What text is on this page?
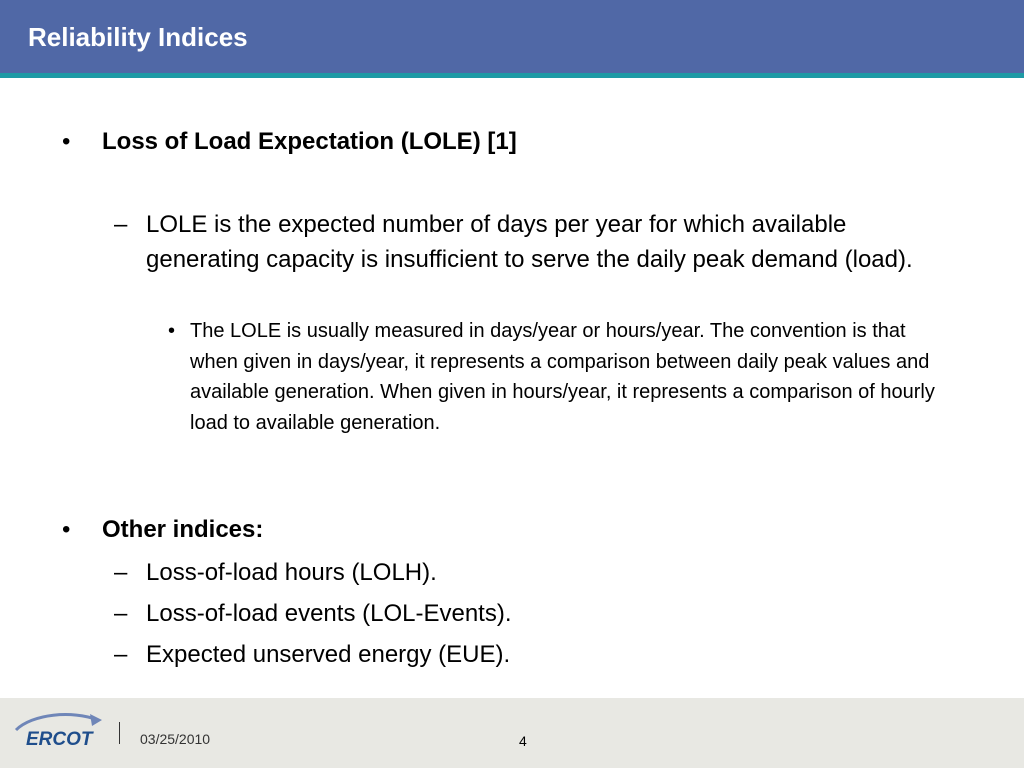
Reliability Indices
•	Loss of Load Expectation (LOLE) [1]
– LOLE is the expected number of days per year for which available generating capacity is insufficient to serve the daily peak demand (load).
• The LOLE is usually measured in days/year or hours/year. The convention is that when given in days/year, it represents a comparison between daily peak values and available generation. When given in hours/year, it represents a comparison of hourly load to available generation.
•	Other indices:
– Loss-of-load hours (LOLH).
– Loss-of-load events (LOL-Events).
– Expected unserved energy (EUE).
ERCOT	03/25/2010	4
